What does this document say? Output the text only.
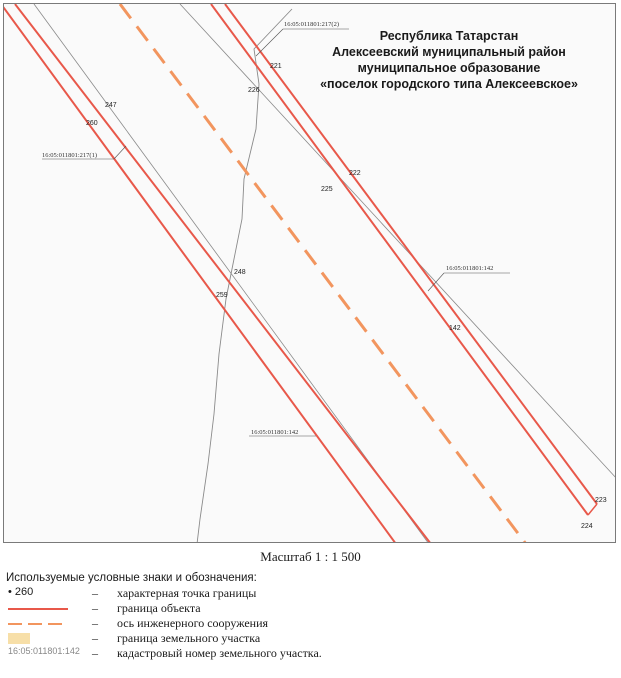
221
226
247
260
222
225
248
259
142
223
224
16:05:011801:217(2)
16:05:011801:217(1)
16:05:011801:142
16:05:011801:142
Республика Татарстан
Алексеевский муниципальный район
муниципальное образование
«поселок городского типа Алексеевское»
Масштаб 1 : 1 500
Используемые условные знаки и обозначения:
• 260	– характерная точка границы
– граница объекта
– ось инженерного сооружения
– граница земельного участка
16:05:011801:142 – кадастровый номер земельного участка.
